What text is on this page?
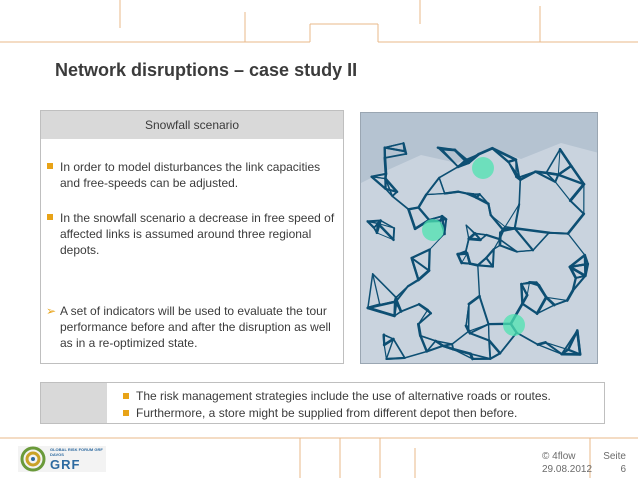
Network disruptions – case study II
Snowfall scenario
In order to model disturbances the link capacities and free-speeds can be adjusted.
In the snowfall scenario a decrease in free speed of affected links is assumed around three regional depots.
➢ A set of indicators will be used to evaluate the tour performance before and after the disruption as well as in a re-optimized state.
The risk management strategies include the use of alternative roads or routes.
Furthermore, a store might be supplied from different depot then before.
GLOBAL RISK FORUM GRF DAVOS
GRF
© 4flow
29.08.2012
Seite
6
